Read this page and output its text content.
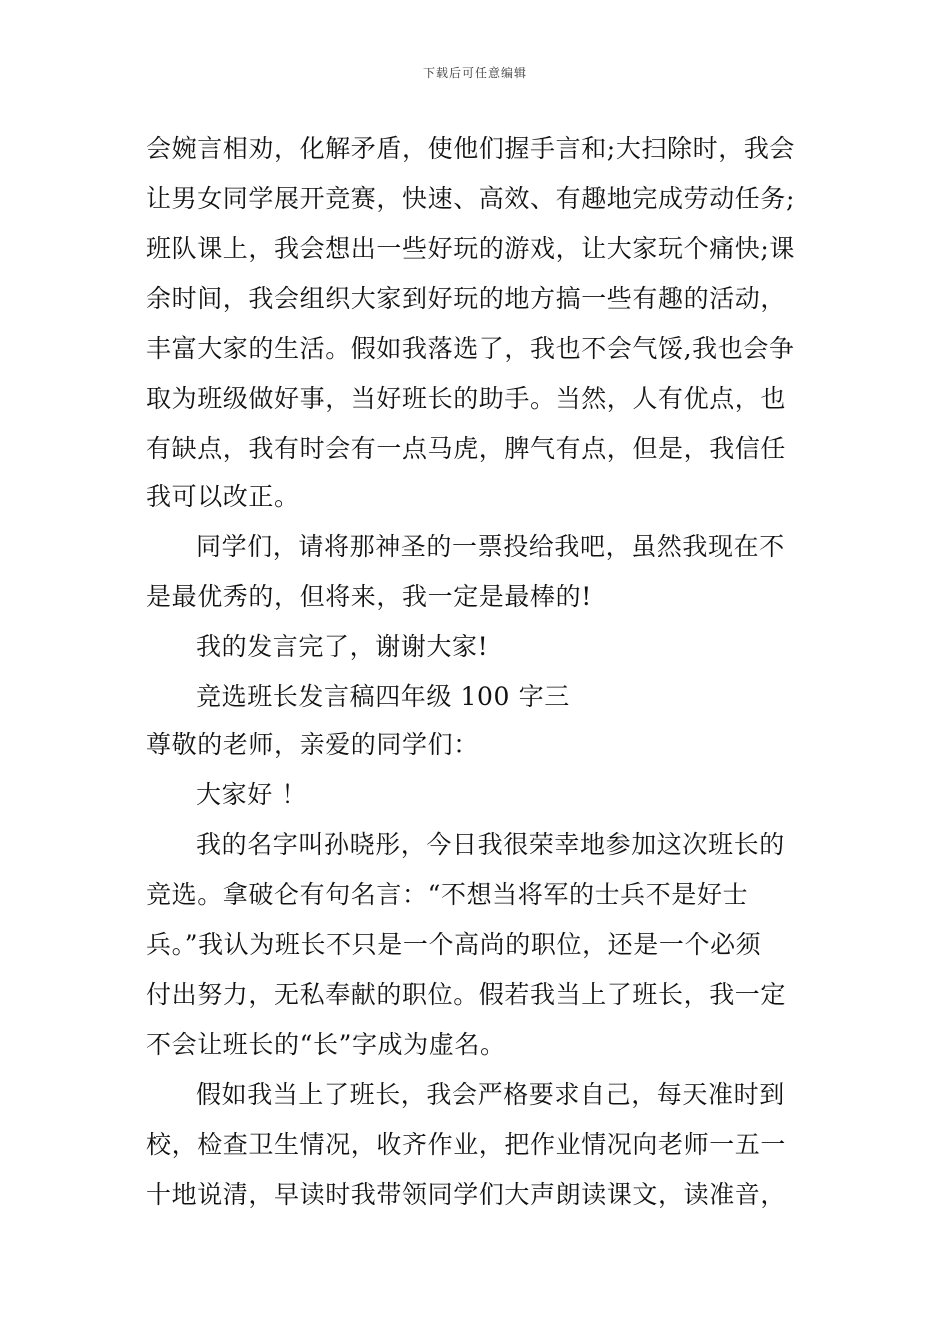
下载后可任意编辑
会婉言相劝，化解矛盾，使他们握手言和;大扫除时，我会
让男女同学展开竞赛，快速、高效、有趣地完成劳动任务;
班队课上，我会想出一些好玩的游戏，让大家玩个痛快;课
余时间，我会组织大家到好玩的地方搞一些有趣的活动，
丰富大家的生活。假如我落选了，我也不会气馁,我也会争
取为班级做好事，当好班长的助手。当然，人有优点，也
有缺点，我有时会有一点马虎，脾气有点，但是，我信任
我可以改正。
同学们，请将那神圣的一票投给我吧，虽然我现在不
是最优秀的，但将来，我一定是最棒的!
我的发言完了，谢谢大家!
竞选班长发言稿四年级 100 字三
尊敬的老师，亲爱的同学们：
大家好 ！
我的名字叫孙晓彤，今日我很荣幸地参加这次班长的
竞选。拿破仑有句名言：“不想当将军的士兵不是好士
兵。”我认为班长不只是一个高尚的职位，还是一个必须
付出努力，无私奉献的职位。假若我当上了班长，我一定
不会让班长的“长”字成为虚名。
假如我当上了班长，我会严格要求自己，每天准时到
校，检查卫生情况，收齐作业，把作业情况向老师一五一
十地说清，早读时我带领同学们大声朗读课文，读准音，
